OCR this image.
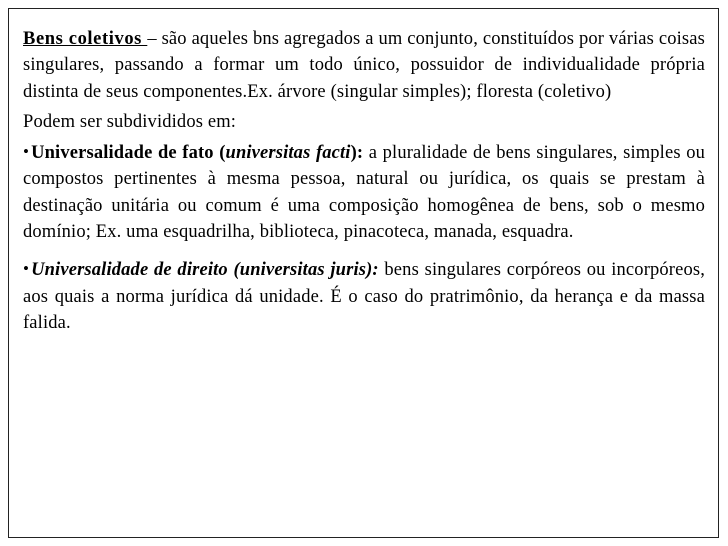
Bens coletivos – são aqueles bns agregados a um conjunto, constituídos por várias coisas singulares, passando a formar um todo único, possuidor de individualidade própria distinta de seus componentes.Ex. árvore (singular simples); floresta (coletivo)

Podem ser subdivididos em:

• Universalidade de fato (universitas facti): a pluralidade de bens singulares, simples ou compostos pertinentes à mesma pessoa, natural ou jurídica, os quais se prestam à destinação unitária ou comum é uma composição homogênea de bens, sob o mesmo domínio; Ex. uma esquadrilha, biblioteca, pinacoteca, manada, esquadra.

• Universalidade de direito (universitas juris): bens singulares corpóreos ou incorpóreos, aos quais a norma jurídica dá unidade. É o caso do pratrimônio, da herança e da massa falida.
